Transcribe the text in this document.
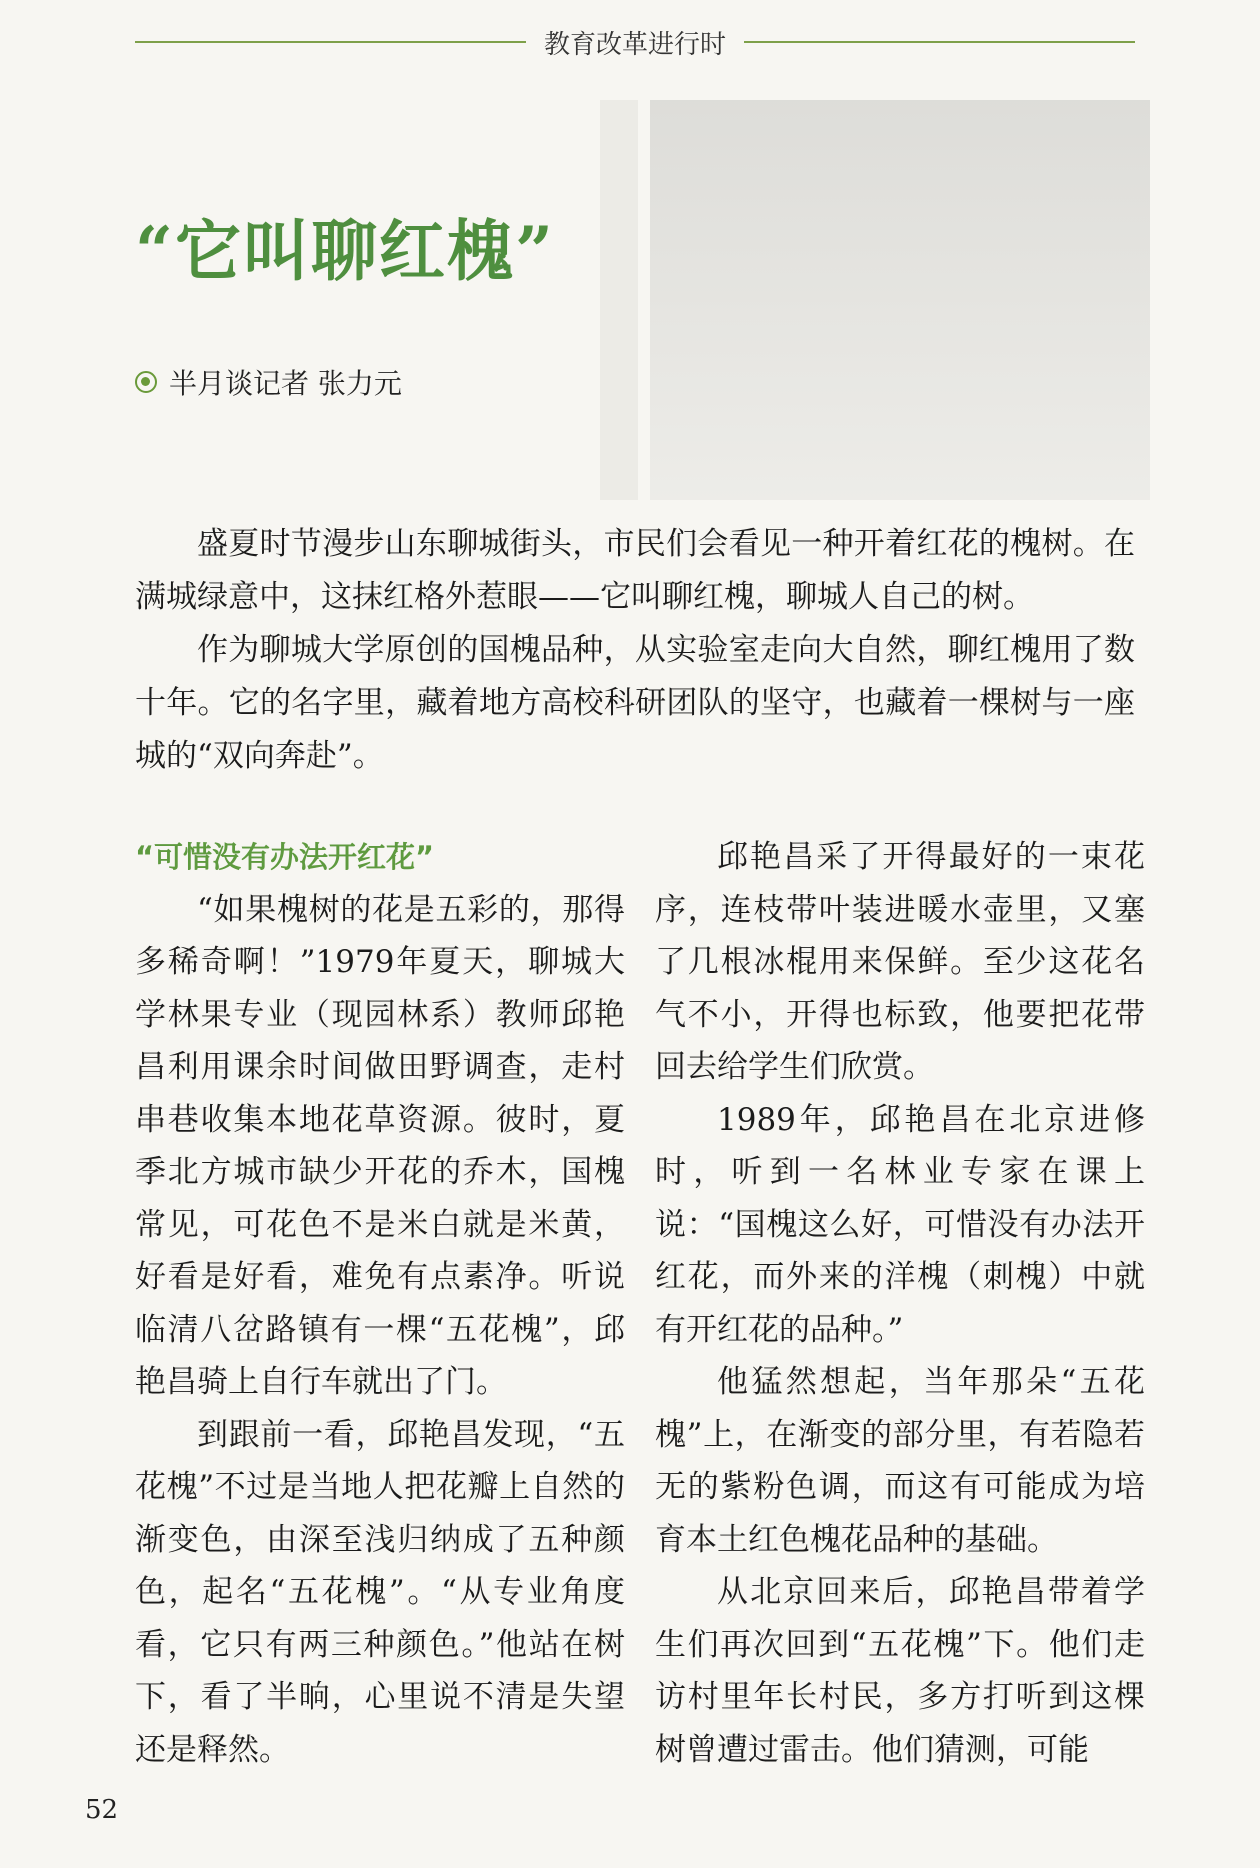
教育改革进行时
“它叫聊红槐”
半月谈记者 张力元

盛夏时节漫步山东聊城街头，市民们会看见一种开着红花的槐树。在满城绿意中，这抹红格外惹眼——它叫聊红槐，聊城人自己的树。

作为聊城大学原创的国槐品种，从实验室走向大自然，聊红槐用了数十年。它的名字里，藏着地方高校科研团队的坚守，也藏着一棵树与一座城的“双向奔赴”。

“可惜没有办法开红花”

“如果槐树的花是五彩的，那得多稀奇啊！”1979年夏天，聊城大学林果专业（现园林系）教师邱艳昌利用课余时间做田野调查，走村串巷收集本地花草资源。彼时，夏季北方城市缺少开花的乔木，国槐常见，可花色不是米白就是米黄，好看是好看，难免有点素净。听说临清八岔路镇有一棵“五花槐”，邱艳昌骑上自行车就出了门。

到跟前一看，邱艳昌发现，“五花槐”不过是当地人把花瓣上自然的渐变色，由深至浅归纳成了五种颜色，起名“五花槐”。“从专业角度看，它只有两三种颜色。”他站在树下，看了半晌，心里说不清是失望还是释然。

邱艳昌采了开得最好的一束花序，连枝带叶装进暖水壶里，又塞了几根冰棍用来保鲜。至少这花名气不小，开得也标致，他要把花带回去给学生们欣赏。

1989年，邱艳昌在北京进修时，听到一名林业专家在课上说：“国槐这么好，可惜没有办法开红花，而外来的洋槐（刺槐）中就有开红花的品种。”

他猛然想起，当年那朵“五花槐”上，在渐变的部分里，有若隐若无的紫粉色调，而这有可能成为培育本土红色槐花品种的基础。

从北京回来后，邱艳昌带着学生们再次回到“五花槐”下。他们走访村里年长村民，多方打听到这棵树曾遭过雷击。他们猜测，可能

52
